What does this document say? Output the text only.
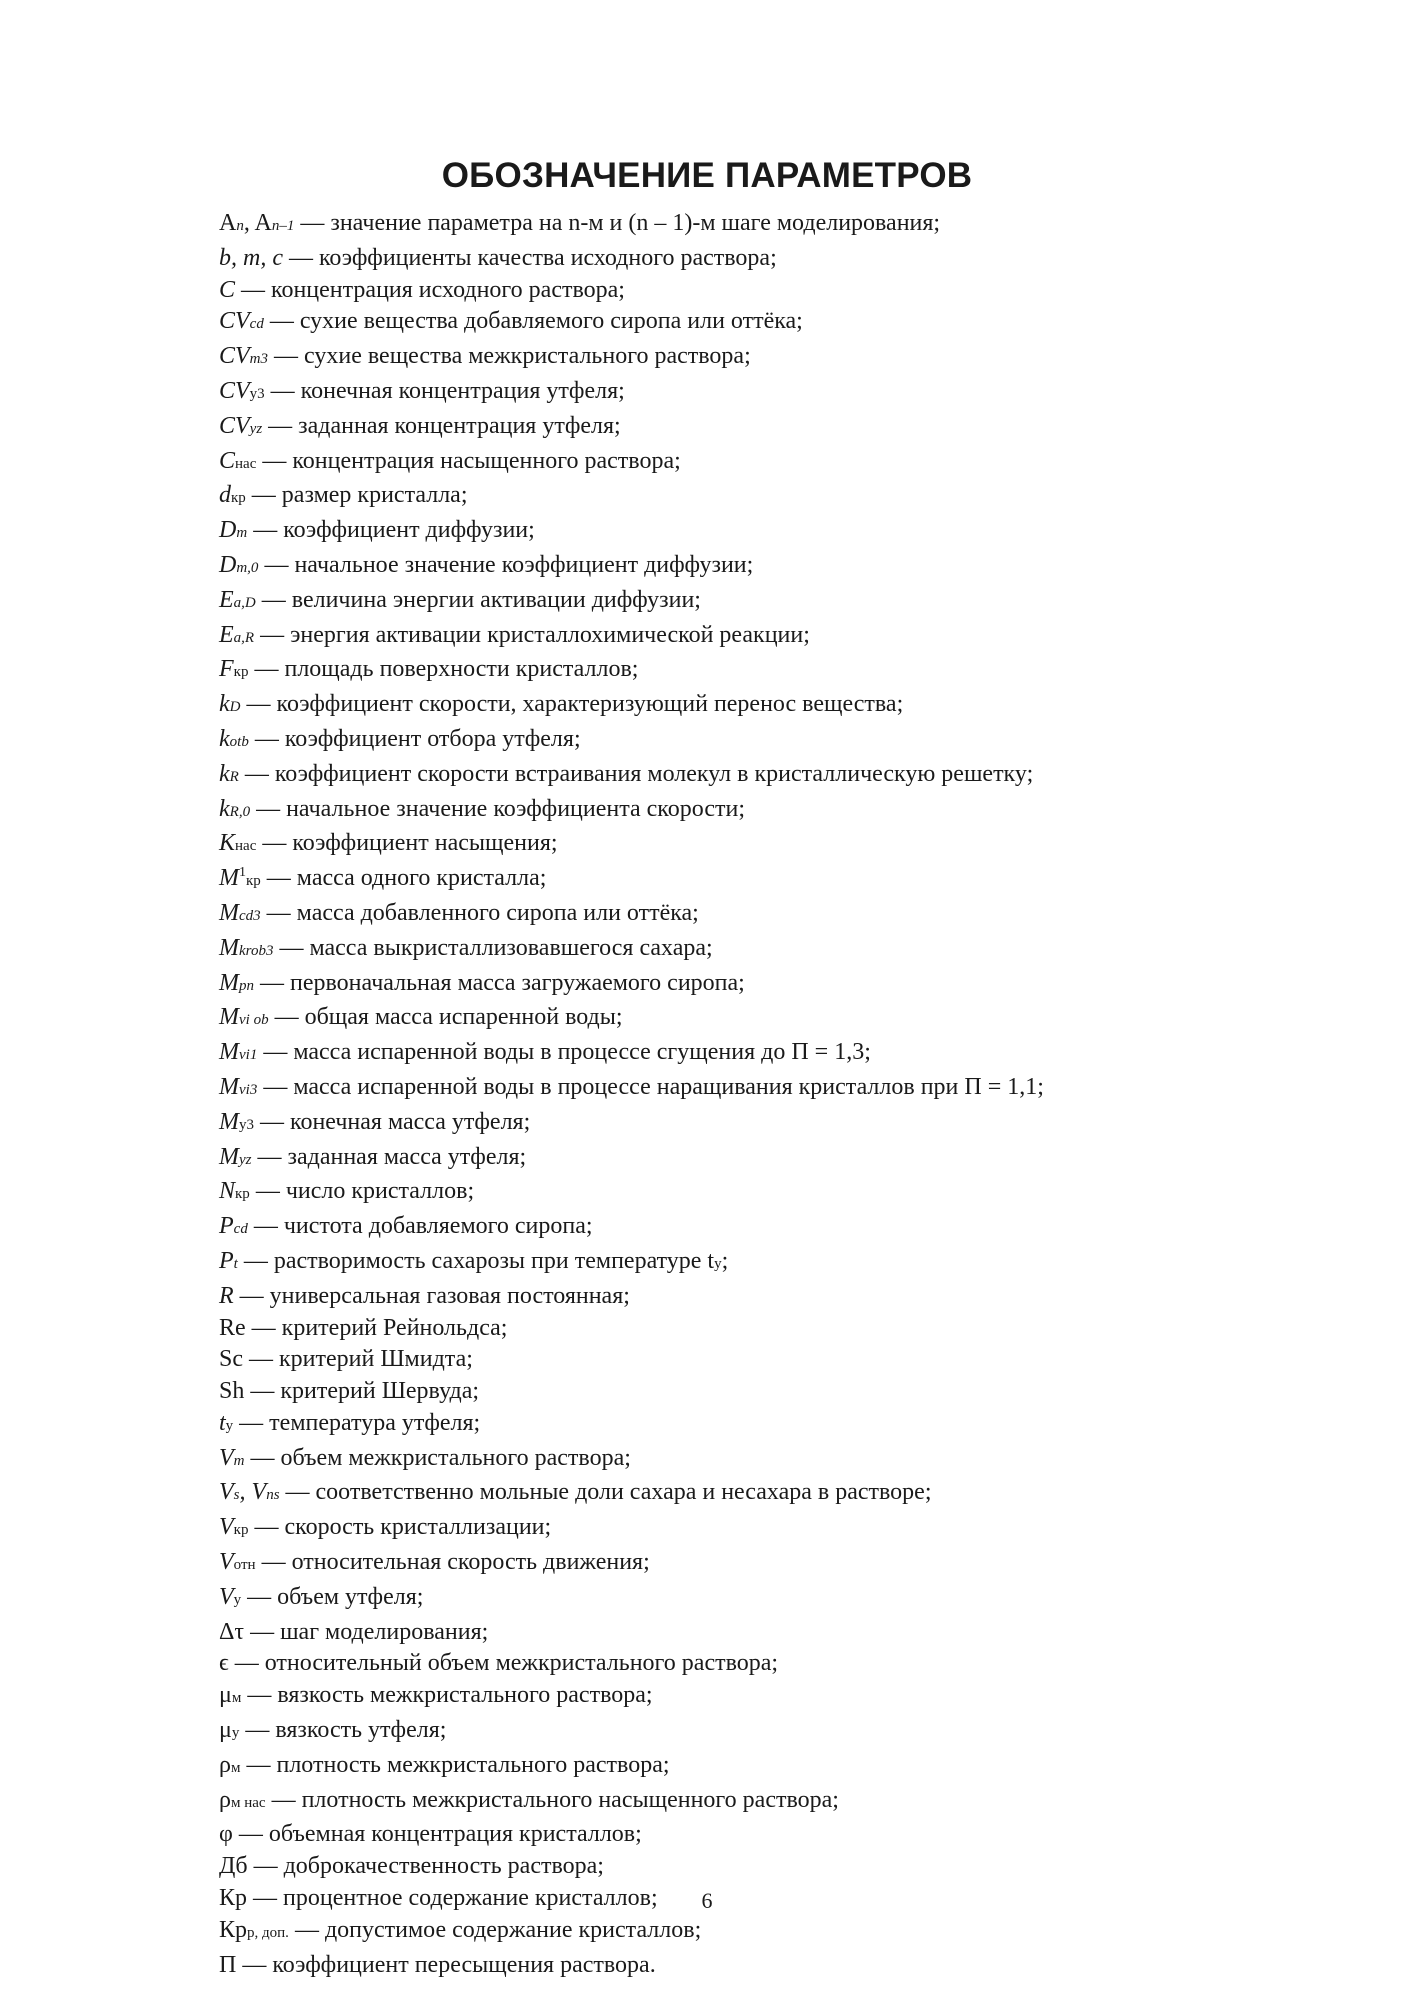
ОБОЗНАЧЕНИЕ ПАРАМЕТРОВ
An, An–1 — значение параметра на n-м и (n – 1)-м шаге моделирования;
b, m, c — коэффициенты качества исходного раствора;
C — концентрация исходного раствора;
CVcd — сухие вещества добавляемого сиропа или оттёка;
CVm3 — сухие вещества межкристального раствора;
CVу3 — конечная концентрация утфеля;
CVyz — заданная концентрация утфеля;
Cнас — концентрация насыщенного раствора;
dкр — размер кристалла;
Dm — коэффициент диффузии;
Dm,0 — начальное значение коэффициент диффузии;
Ea,D — величина энергии активации диффузии;
Ea,R — энергия активации кристаллохимической реакции;
Fкр — площадь поверхности кристаллов;
kD — коэффициент скорости, характеризующий перенос вещества;
kotb — коэффициент отбора утфеля;
kR — коэффициент скорости встраивания молекул в кристаллическую решетку;
kR,0 — начальное значение коэффициента скорости;
Kнас — коэффициент насыщения;
$M^1кр$ — масса одного кристалла;
Mcd3 — масса добавленного сиропа или оттёка;
Mkrob3 — масса выкристаллизовавшегося сахара;
Mpn — первоначальная масса загружаемого сиропа;
Mvi ob — общая масса испаренной воды;
Mvi1 — масса испаренной воды в процессе сгущения до П = 1,3;
Mvi3 — масса испаренной воды в процессе наращивания кристаллов при П = 1,1;
Mу3 — конечная масса утфеля;
Myz — заданная масса утфеля;
Nкр — число кристаллов;
Pcd — чистота добавляемого сиропа;
Pt — растворимость сахарозы при температуре tу;
R — универсальная газовая постоянная;
Re — критерий Рейнольдса;
Sc — критерий Шмидта;
Sh — критерий Шервуда;
tу — температура утфеля;
Vm — объем межкристального раствора;
Vs, Vns — соответственно мольные доли сахара и несахара в растворе;
Vкр — скорость кристаллизации;
Vотн — относительная скорость движения;
Vу — объем утфеля;
Δτ — шаг моделирования;
ϵ — относительный объем межкристального раствора;
μм — вязкость межкристального раствора;
μу — вязкость утфеля;
ρм — плотность межкристального раствора;
ρм нас — плотность межкристального насыщенного раствора;
φ — объемная концентрация кристаллов;
Дб — доброкачественность раствора;
Кр — процентное содержание кристаллов;
Крр, доп. — допустимое содержание кристаллов;
П — коэффициент пересыщения раствора.
6
